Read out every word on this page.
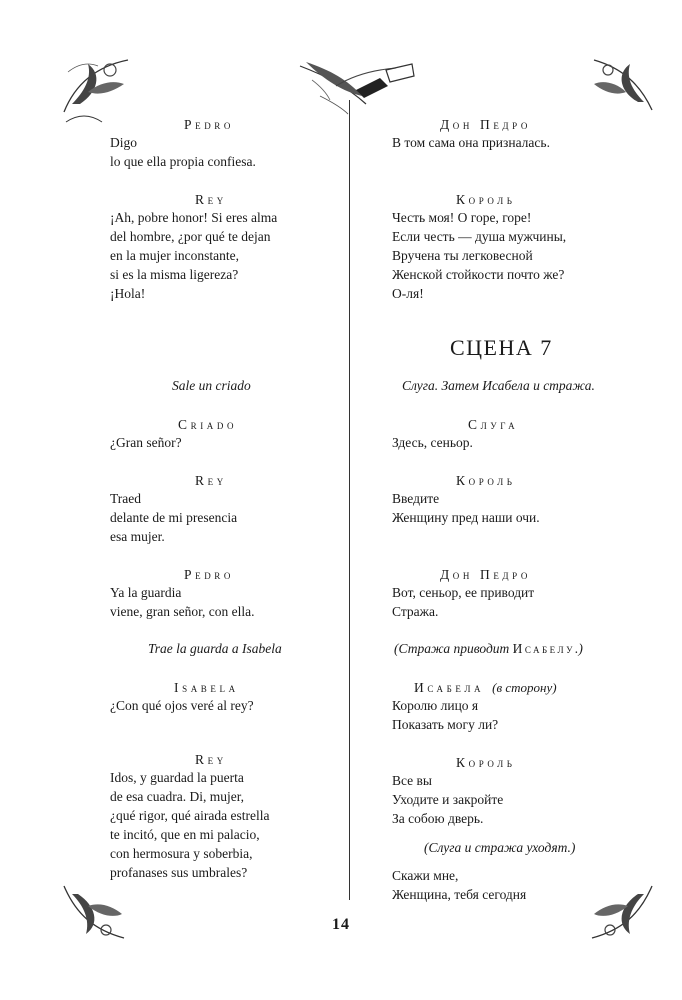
Pedro
Digo
lo que ella propia confiesa.
Rey
¡Ah, pobre honor! Si eres alma
del hombre, ¿por qué te dejan
en la mujer inconstante,
si es la misma ligereza?
¡Hola!
Sale un criado
Criado
¿Gran señor?
Rey
Traed
delante de mi presencia
esa mujer.
Pedro
Ya la guardia
viene, gran señor, con ella.
Trae la guarda a Isabela
Isabela
¿Con qué ojos veré al rey?
Rey
Idos, y guardad la puerta
de esa cuadra. Di, mujer,
¿qué rigor, qué airada estrella
te incitó, que en mi palacio,
con hermosura y soberbia,
profanases sus umbrales?
Дон Педро
В том сама она призналась.
Король
Честь моя! О горе, горе!
Если честь — душа мужчины,
Вручена ты легковесной
Женской стойкости почто же?
О-ля!
СЦЕНА 7
Слуга. Затем Исабела и стража.
Слуга
Здесь, сеньор.
Король
Введите
Женщину пред наши очи.
Дон Педро
Вот, сеньор, ее приводит
Стража.
(Стража приводит Исабелу.)
Исабела (в сторону)
Королю лицо я
Показать могу ли?
Король
Все вы
Уходите и закройте
За собою дверь.
(Слуга и стража уходят.)
Скажи мне,
Женщина, тебя сегодня
14
